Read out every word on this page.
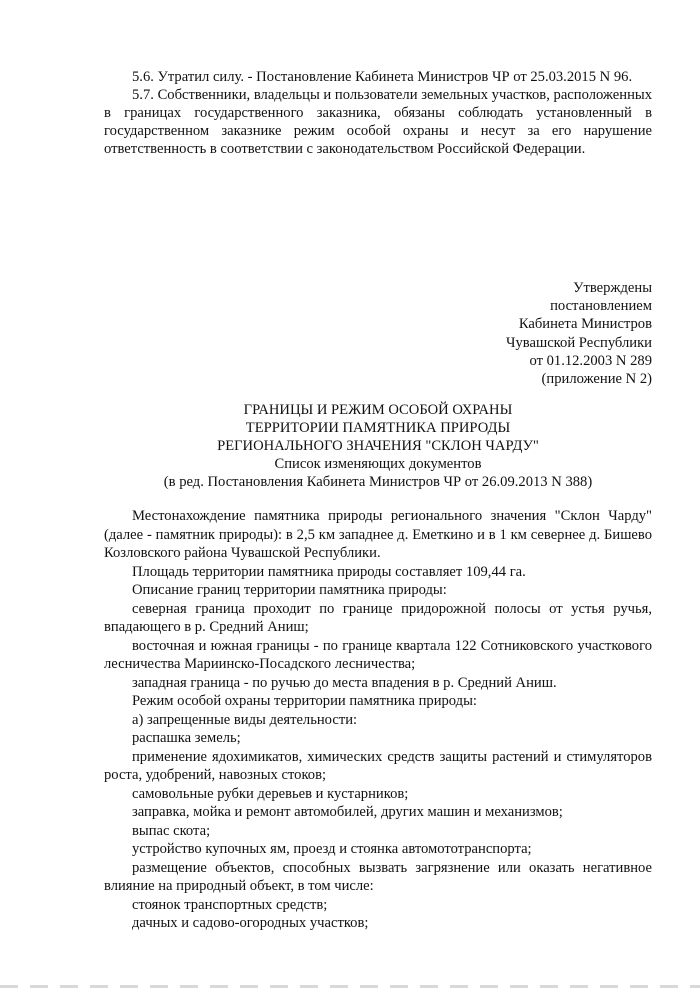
5.6. Утратил силу. - Постановление Кабинета Министров ЧР от 25.03.2015 N 96.

5.7. Собственники, владельцы и пользователи земельных участков, расположенных в границах государственного заказника, обязаны соблюдать установленный в государственном заказнике режим особой охраны и несут за его нарушение ответственность в соответствии с законодательством Российской Федерации.

Утверждены
постановлением
Кабинета Министров
Чувашской Республики
от 01.12.2003 N 289
(приложение N 2)
ГРАНИЦЫ И РЕЖИМ ОСОБОЙ ОХРАНЫ
ТЕРРИТОРИИ ПАМЯТНИКА ПРИРОДЫ
РЕГИОНАЛЬНОГО ЗНАЧЕНИЯ "СКЛОН ЧАРДУ"
Список изменяющих документов
(в ред. Постановления Кабинета Министров ЧР от 26.09.2013 N 388)

Местонахождение памятника природы регионального значения "Склон Чарду" (далее - памятник природы): в 2,5 км западнее д. Еметкино и в 1 км севернее д. Бишево Козловского района Чувашской Республики.

Площадь территории памятника природы составляет 109,44 га.

Описание границ территории памятника природы:

северная граница проходит по границе придорожной полосы от устья ручья, впадающего в р. Средний Аниш;

восточная и южная границы - по границе квартала 122 Сотниковского участкового лесничества Мариинско-Посадского лесничества;

западная граница - по ручью до места впадения в р. Средний Аниш.

Режим особой охраны территории памятника природы:

а) запрещенные виды деятельности:

распашка земель;

применение ядохимикатов, химических средств защиты растений и стимуляторов роста, удобрений, навозных стоков;

самовольные рубки деревьев и кустарников;

заправка, мойка и ремонт автомобилей, других машин и механизмов;

выпас скота;

устройство купочных ям, проезд и стоянка автомототранспорта;

размещение объектов, способных вызвать загрязнение или оказать негативное влияние на природный объект, в том числе:

стоянок транспортных средств;

дачных и садово-огородных участков;
